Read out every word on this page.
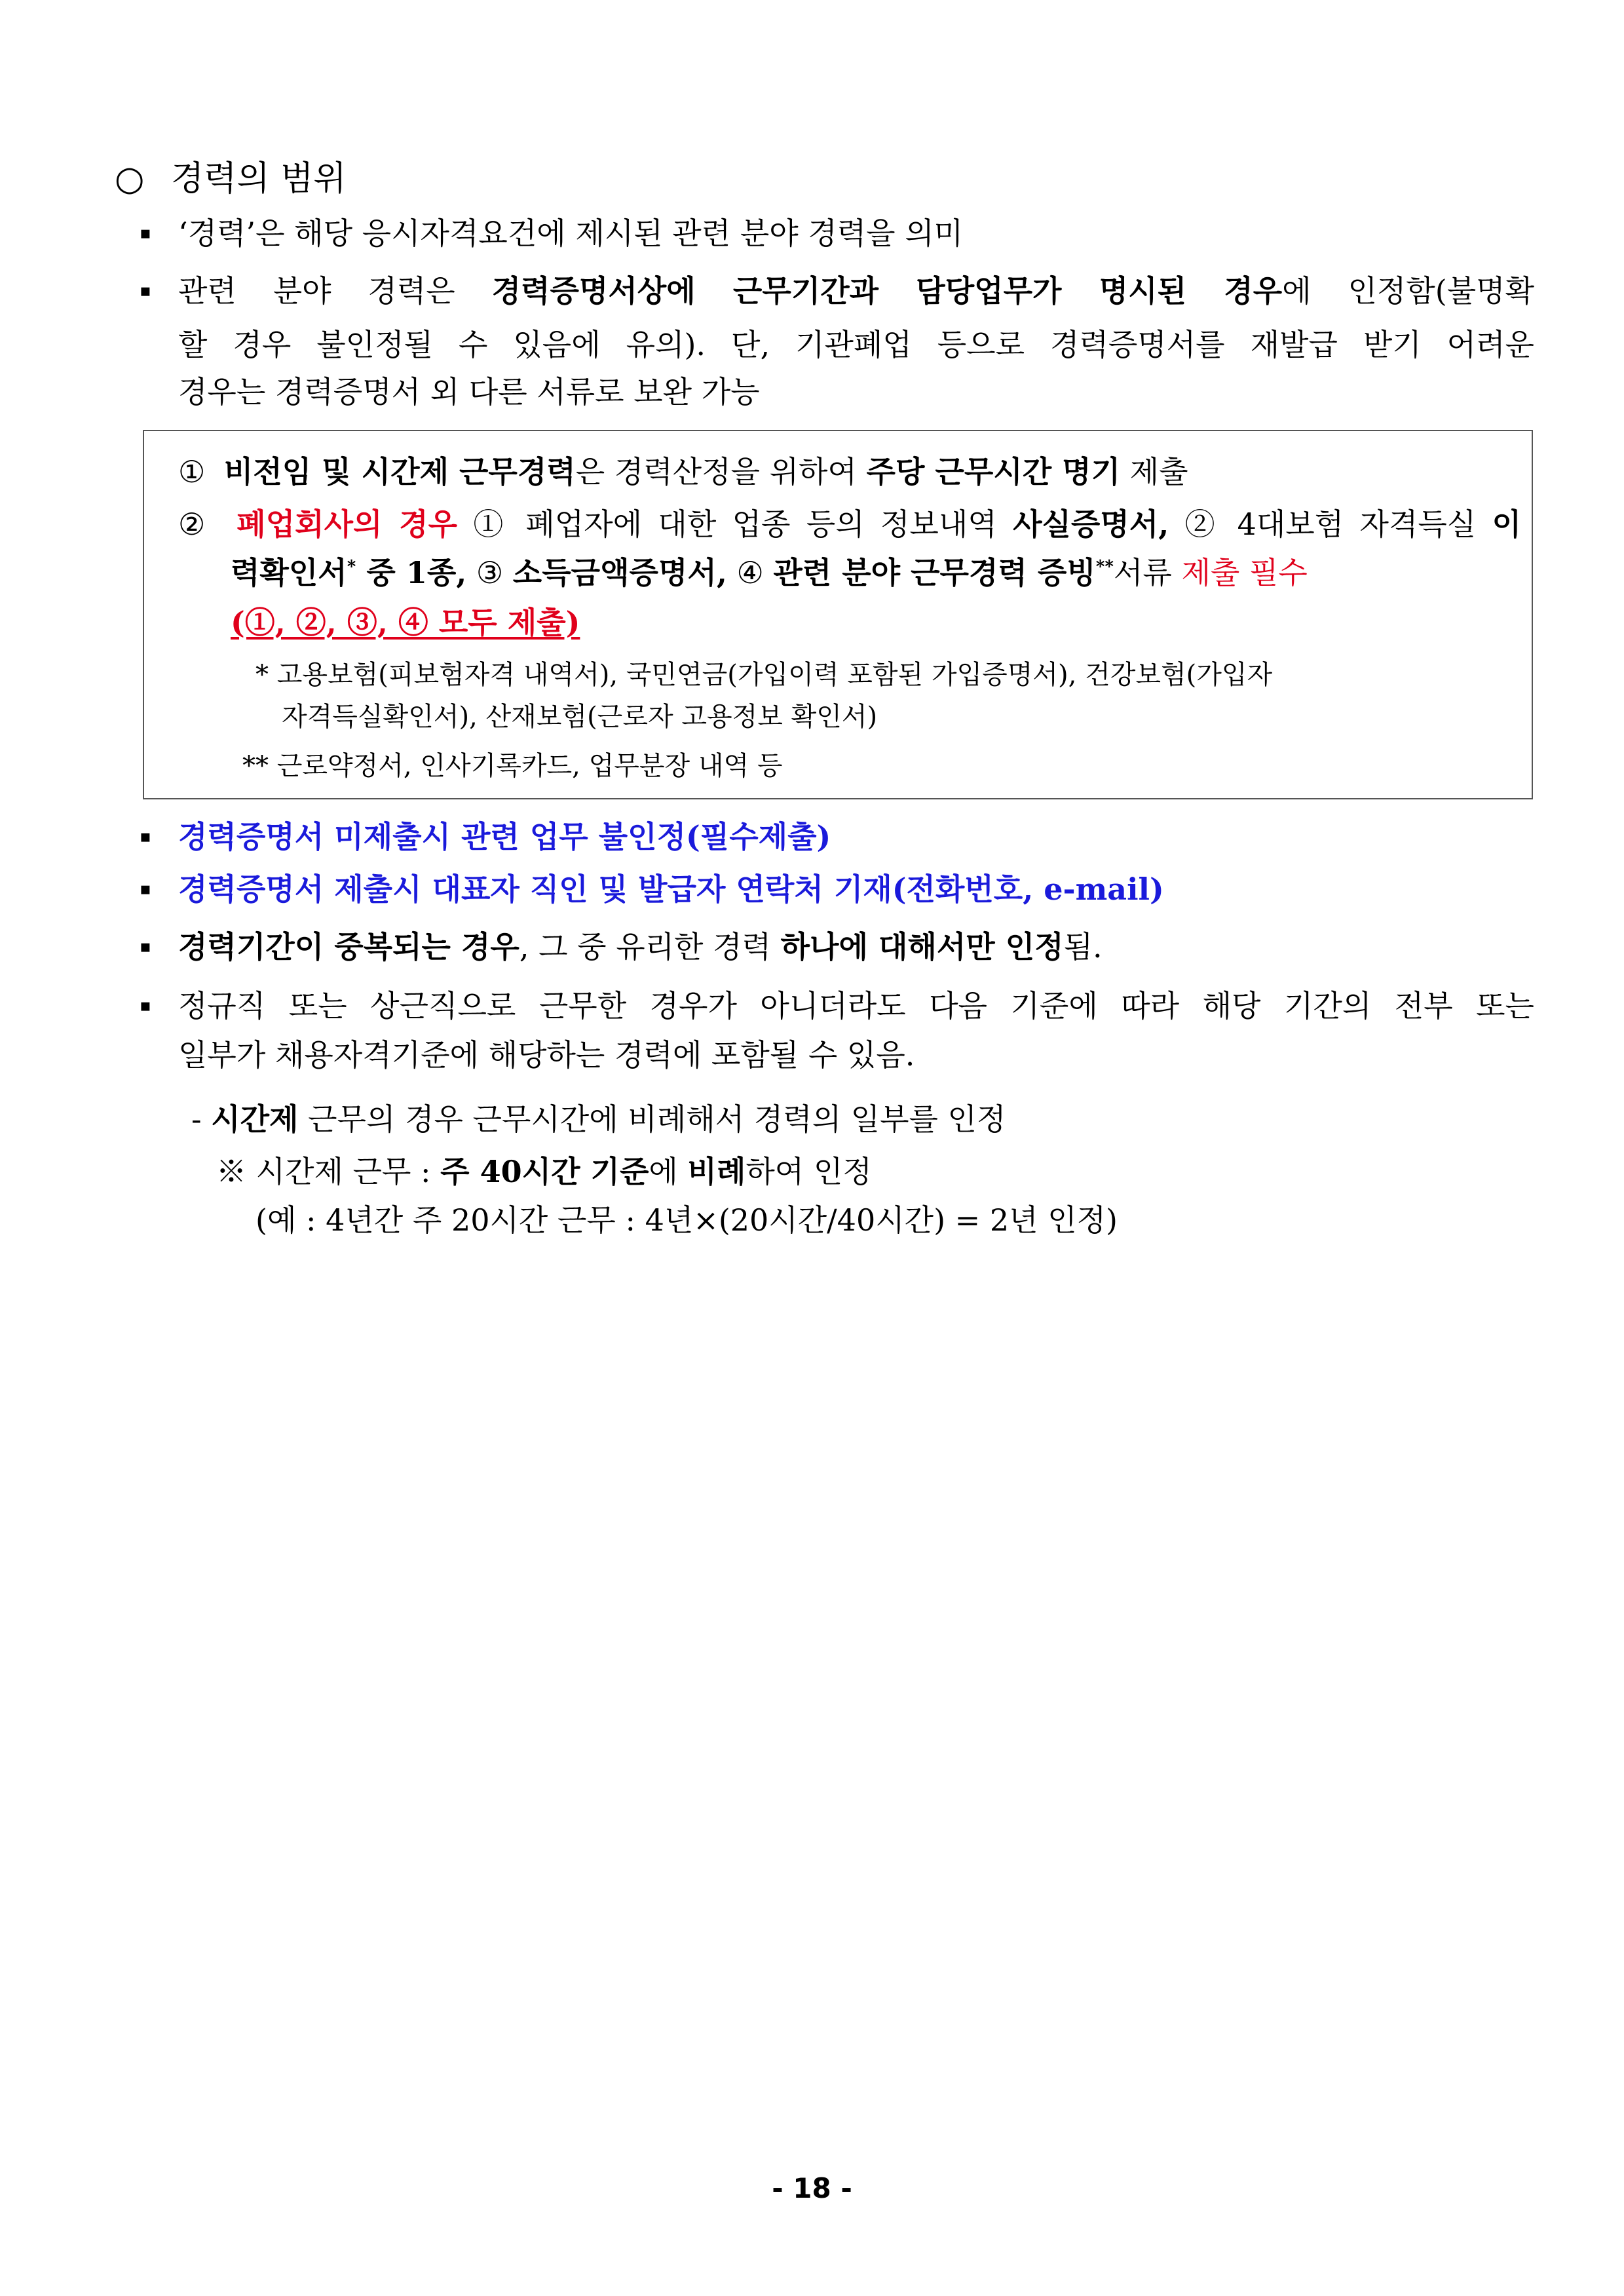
○ 경력의 범위
▪ ‘경력’은 해당 응시자격요건에 제시된 관련 분야 경력을 의미
▪ 관련 분야 경력은 경력증명서상에 근무기간과 담당업무가 명시된 경우에 인정함(불명확
할 경우 불인정될 수 있음에 유의). 단, 기관폐업 등으로 경력증명서를 재발급 받기 어려운
경우는 경력증명서 외 다른 서류로 보완 가능
① 비전임 및 시간제 근무경력은 경력산정을 위하여 주당 근무시간 명기 제출
② 폐업회사의 경우 ① 폐업자에 대한 업종 등의 정보내역 사실증명서, ② 4대보험 자격득실 이
력확인서* 중 1종, ③ 소득금액증명서, ④ 관련 분야 근무경력 증빙**서류 제출 필수
(①, ②, ③, ④ 모두 제출)
* 고용보험(피보험자격 내역서), 국민연금(가입이력 포함된 가입증명서), 건강보험(가입자
자격득실확인서), 산재보험(근로자 고용정보 확인서)
** 근로약정서, 인사기록카드, 업무분장 내역 등
▪ 경력증명서 미제출시 관련 업무 불인정(필수제출)
▪ 경력증명서 제출시 대표자 직인 및 발급자 연락처 기재(전화번호, e-mail)
▪ 경력기간이 중복되는 경우, 그 중 유리한 경력 하나에 대해서만 인정됨.
▪ 정규직 또는 상근직으로 근무한 경우가 아니더라도 다음 기준에 따라 해당 기간의 전부 또는
일부가 채용자격기준에 해당하는 경력에 포함될 수 있음.
- 시간제 근무의 경우 근무시간에 비례해서 경력의 일부를 인정
※ 시간제 근무 : 주 40시간 기준에 비례하여 인정
(예 : 4년간 주 20시간 근무 : 4년×(20시간/40시간) = 2년 인정)
- 18 -
